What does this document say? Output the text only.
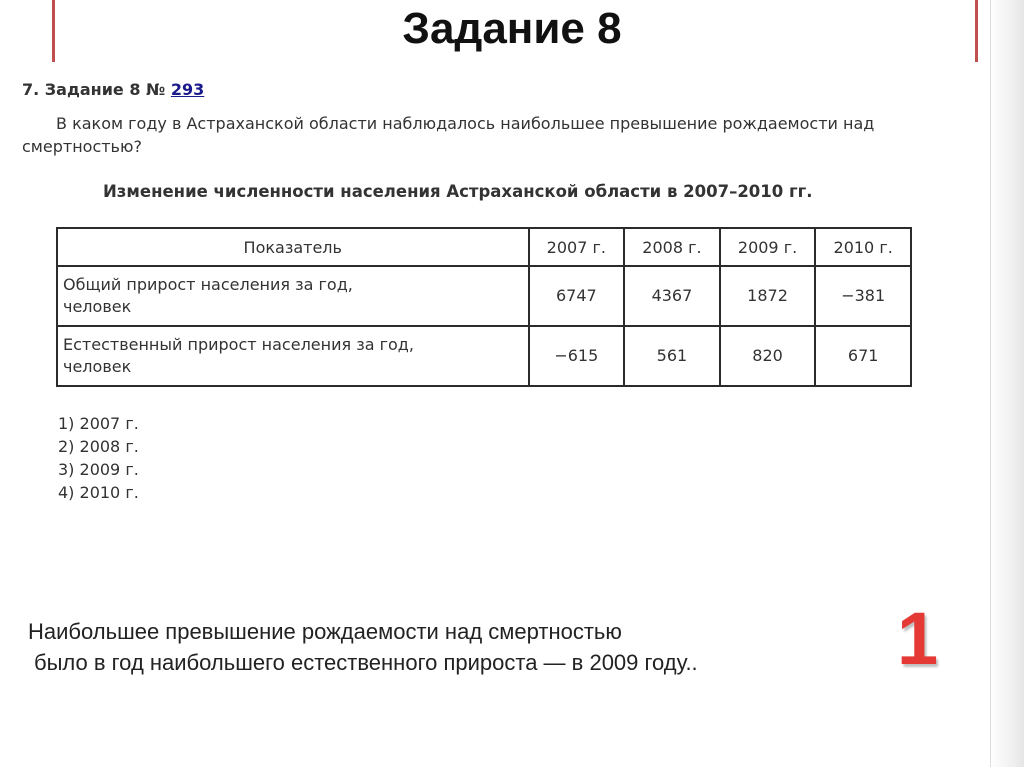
Задание 8
7. Задание 8 № 293
В каком году в Астраханской области наблюдалось наибольшее превышение рождаемости над смертностью?
Изменение численности населения Астраханской области в 2007–2010 гг.
Показатель	2007 г.	2008 г.	2009 г.	2010 г.

Общий прирост населения за год, человек	6747	4367	1872	−381

Естественный прирост населения за год, человек	−615	561	820	671
1) 2007 г.
2) 2008 г.
3) 2009 г.
4) 2010 г.
Наибольшее превышение рождаемости над смертностью
было в год наибольшего естественного прироста — в 2009 году..	1
